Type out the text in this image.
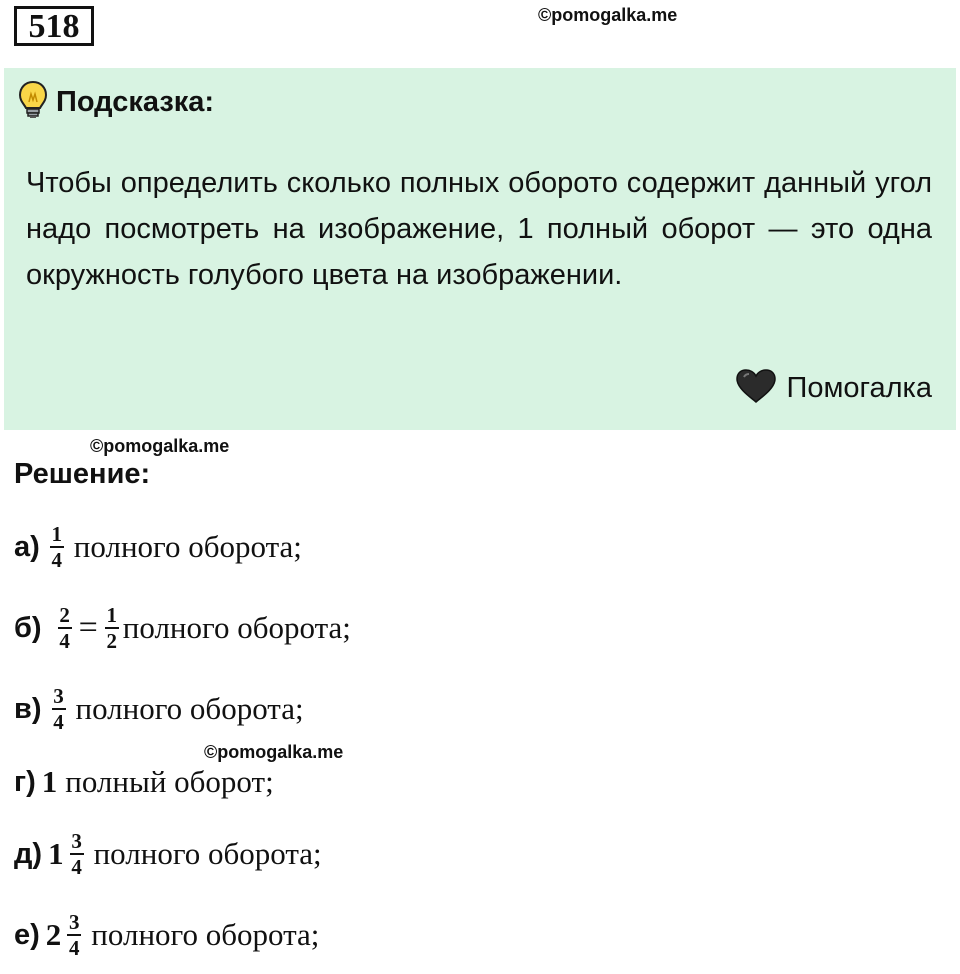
518	©pomogalka.me
Подсказка:
Чтобы определить сколько полных оборото содержит данный угол надо посмотреть на изображение, 1 полный оборот — это одна окружность голубого цвета на изображении.
Помогалка
©pomogalka.me
Решение:
$а) \frac{1}{4}$ полного оборота;
$б) \frac{2}{4} = \frac{1}{2}$ полного оборота;
$в) \frac{3}{4}$ полного оборота;
©pomogalka.me
г) 1 полный оборот;
д) $1 \frac{3}{4}$ полного оборота;
е) $2 \frac{3}{4}$ полного оборота;
